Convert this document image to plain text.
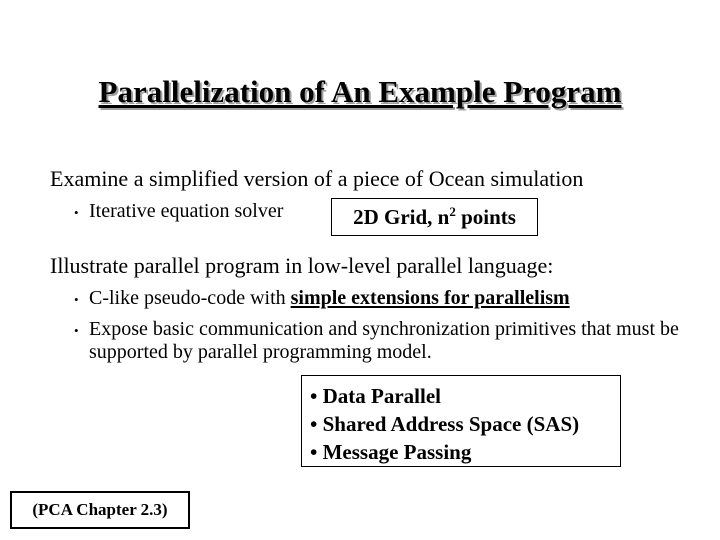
Parallelization of An Example Program
Examine a simplified version of a piece of Ocean simulation
• Iterative equation solver	2D Grid, $n^2$ points
Illustrate parallel program in low-level parallel language:
• C-like pseudo-code with simple extensions for parallelism
• Expose basic communication and synchronization primitives that must be supported by parallel programming model.
• Data Parallel
• Shared Address Space (SAS)
• Message Passing
(PCA Chapter 2.3)
